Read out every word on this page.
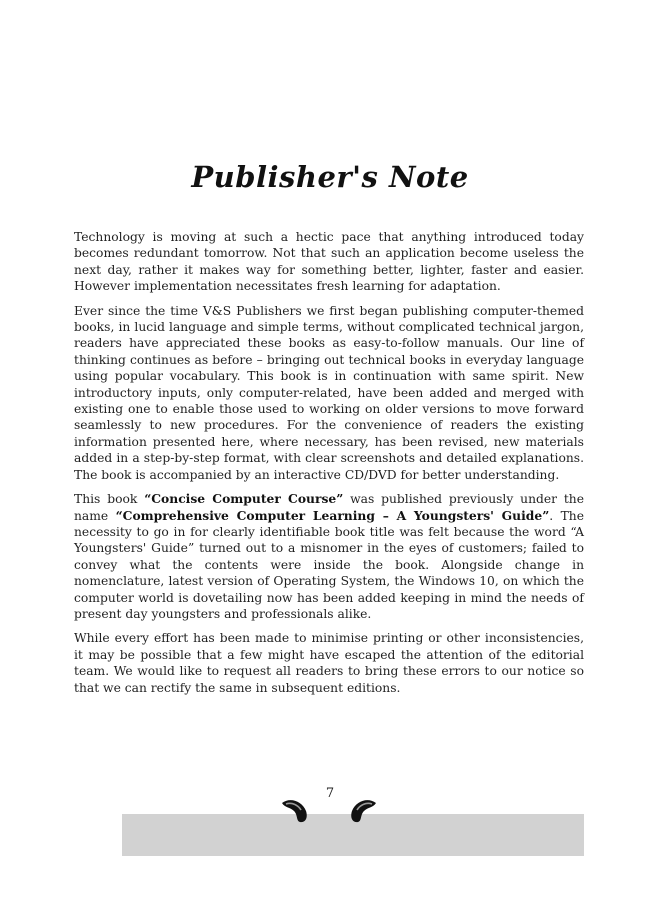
Publisher's Note

Technology is moving at such a hectic pace that anything introduced today becomes redundant tomorrow. Not that such an application become useless the next day, rather it makes way for something better, lighter, faster and easier. However implementation necessitates fresh learning for adaptation.

Ever since the time V&S Publishers we first began publishing computer-themed books, in lucid language and simple terms, without complicated technical jargon, readers have appreciated these books as easy-to-follow manuals. Our line of thinking continues as before – bringing out technical books in everyday language using popular vocabulary. This book is in continuation with same spirit. New introductory inputs, only computer-related, have been added and merged with existing one to enable those used to working on older versions to move forward seamlessly to new procedures. For the convenience of readers the existing information presented here, where necessary, has been revised, new materials added in a step-by-step format, with clear screenshots and detailed explanations. The book is accompanied by an interactive CD/DVD for better understanding.

This book “Concise Computer Course” was published previously under the name “Comprehensive Computer Learning – A Youngsters' Guide”. The necessity to go in for clearly identifiable book title was felt because the word “A Youngsters' Guide” turned out to a misnomer in the eyes of customers; failed to convey what the contents were inside the book. Alongside change in nomenclature, latest version of Operating System, the Windows 10, on which the computer world is dovetailing now has been added keeping in mind the needs of present day youngsters and professionals alike.

While every effort has been made to minimise printing or other inconsistencies, it may be possible that a few might have escaped the attention of the editorial team. We would like to request all readers to bring these errors to our notice so that we can rectify the same in subsequent editions.

7
